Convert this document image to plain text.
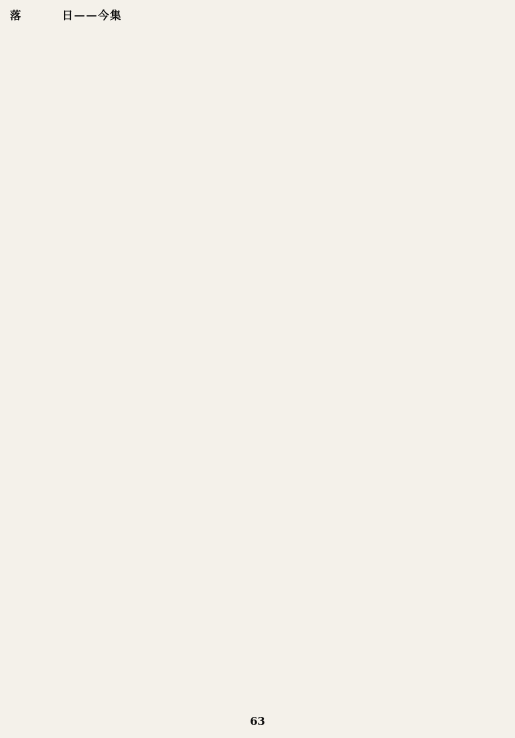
落	日——今集
63
